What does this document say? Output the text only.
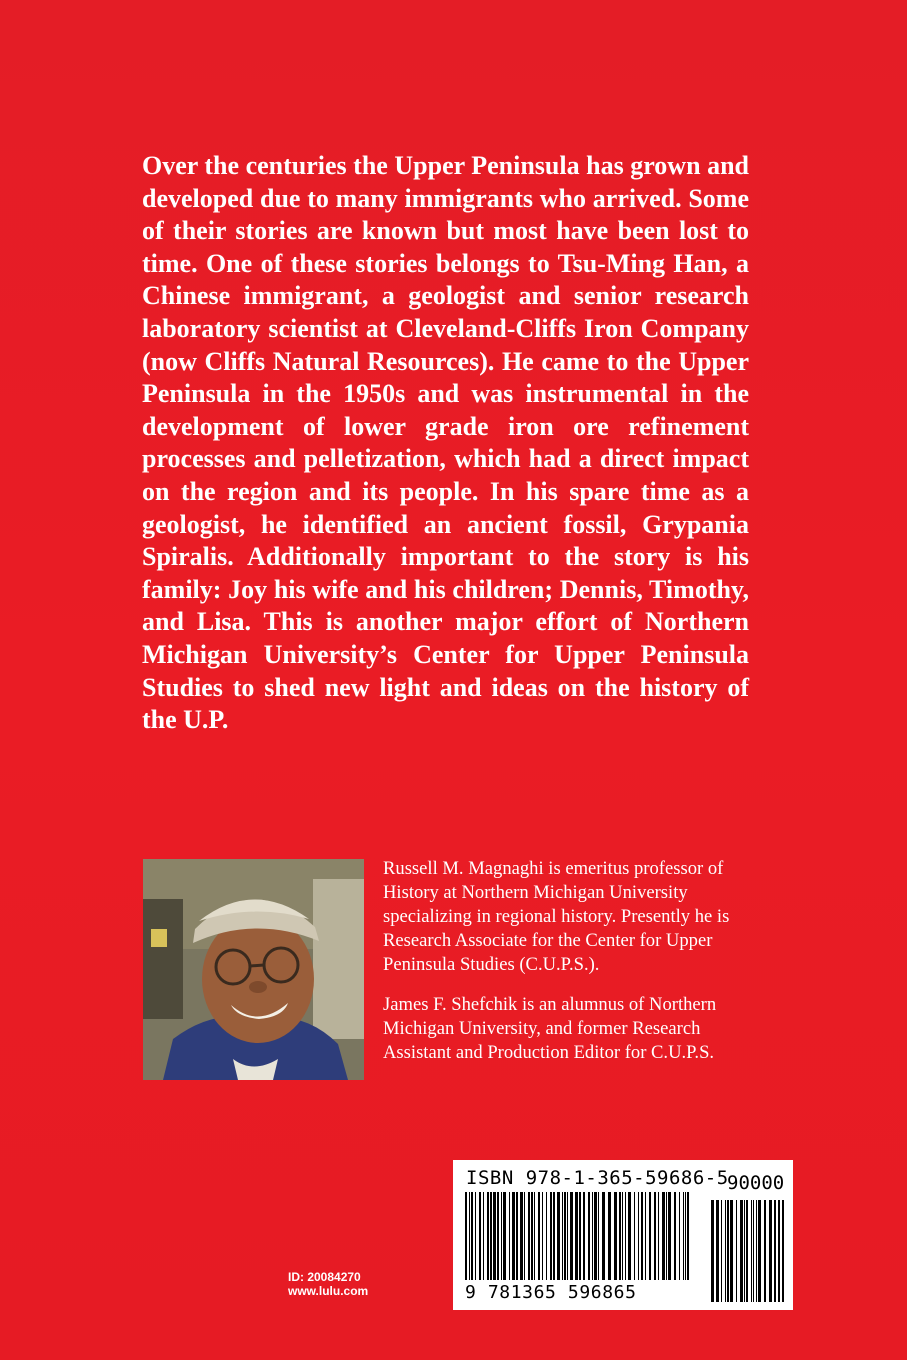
Over the centuries the Upper Peninsula has grown and developed due to many immigrants who arrived. Some of their stories are known but most have been lost to time. One of these stories belongs to Tsu-Ming Han, a Chinese immigrant, a geologist and senior research laboratory scientist at Cleveland-Cliffs Iron Company (now Cliffs Natural Resources). He came to the Upper Peninsula in the 1950s and was instrumental in the development of lower grade iron ore refinement processes and pelletization, which had a direct impact on the region and its people. In his spare time as a geologist, he identified an ancient fossil, Grypania Spiralis. Additionally important to the story is his family: Joy his wife and his children; Dennis, Timothy, and Lisa. This is another major effort of Northern Michigan University’s Center for Upper Peninsula Studies to shed new light and ideas on the history of the U.P.

Russell M. Magnaghi is emeritus professor of History at Northern Michigan University specializing in regional history. Presently he is Research Associate for the Center for Upper Peninsula Studies (C.U.P.S.).

James F. Shefchik is an alumnus of Northern Michigan University, and former Research Assistant and Production Editor for C.U.P.S.

ID: 20084270
www.lulu.com
ISBN 978-1-365-59686-5
90000
9 781365 596865
